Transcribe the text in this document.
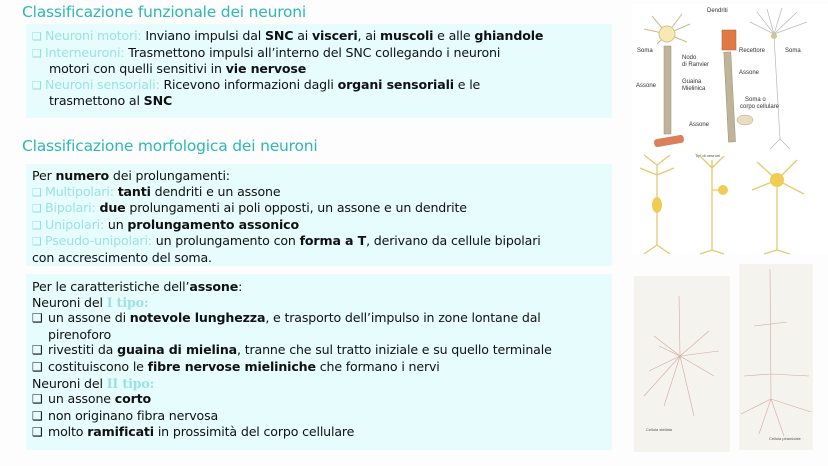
Classificazione funzionale dei neuroni
❑ Neuroni motori: Inviano impulsi dal SNC ai visceri, ai muscoli e alle ghiandole
❑ Interneuroni: Trasmettono impulsi all’interno del SNC collegando i neuroni
motori con quelli sensitivi in vie nervose
❑ Neuroni sensoriali: Ricevono informazioni dagli organi sensoriali e le
trasmettono al SNC
Classificazione morfologica dei neuroni
Per numero dei prolungamenti:
❑ Multipolari: tanti dendriti e un assone
❑ Bipolari: due prolungamenti ai poli opposti, un assone e un dendrite
❑ Unipolari: un prolungamento assonico
❑ Pseudo-unipolari: un prolungamento con forma a T, derivano da cellule bipolari
con accrescimento del soma.
Per le caratteristiche dell’assone:
Neuroni del I tipo:
❑ un assone di notevole lunghezza, e trasporto dell’impulso in zone lontane dal
pirenoforo
❑ rivestiti da guaina di mielina, tranne che sul tratto iniziale e su quello terminale
❑ costituiscono le fibre nervose mieliniche che formano i nervi
Neuroni del II tipo:
❑ un assone corto
❑ non originano fibra nervosa
❑ molto ramificati in prossimità del corpo cellulare
Dendriti
Soma
Nodo
di Ranvier
Recettore	Soma
Assone
Guaina
Mielinica
Assone
Soma o
corpo cellulare
Assone
Tipi di neuroni
Cellula stellata
Cellula piramidale
